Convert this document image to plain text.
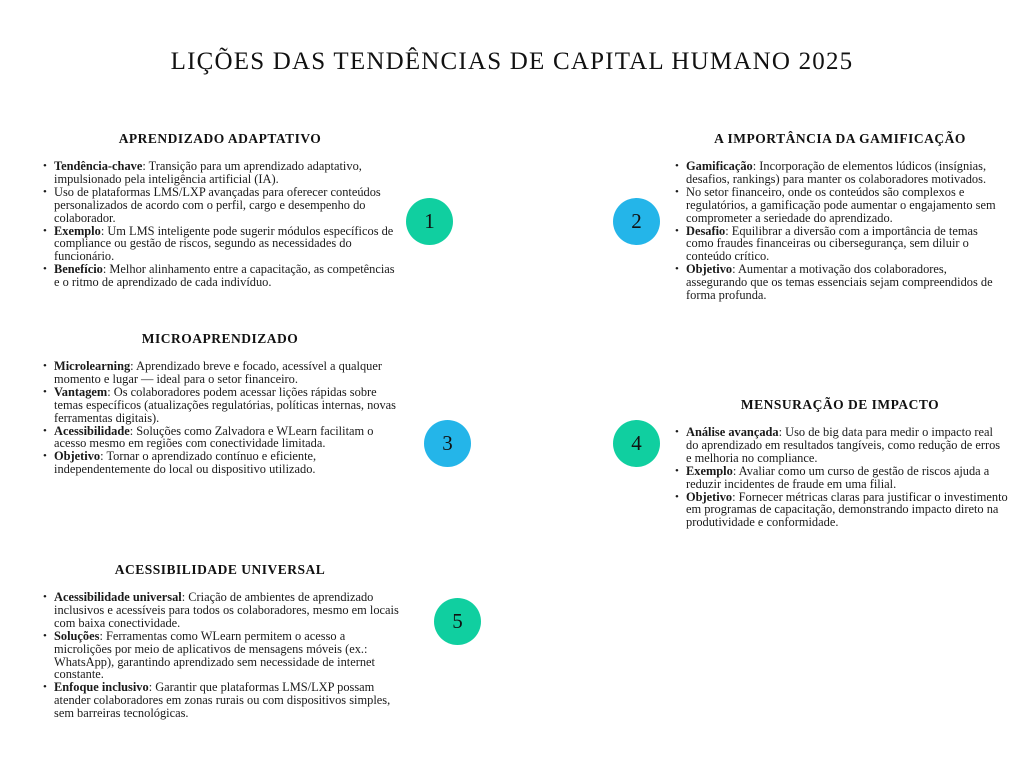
LIÇÕES DAS TENDÊNCIAS DE CAPITAL HUMANO 2025
APRENDIZADO ADAPTATIVO
• Tendência-chave: Transição para um aprendizado adaptativo, impulsionado pela inteligência artificial (IA).
• Uso de plataformas LMS/LXP avançadas para oferecer conteúdos personalizados de acordo com o perfil, cargo e desempenho do colaborador.
• Exemplo: Um LMS inteligente pode sugerir módulos específicos de compliance ou gestão de riscos, segundo as necessidades do funcionário.
• Benefício: Melhor alinhamento entre a capacitação, as competências e o ritmo de aprendizado de cada indivíduo.
A IMPORTÂNCIA DA GAMIFICAÇÃO
• Gamificação: Incorporação de elementos lúdicos (insígnias, desafios, rankings) para manter os colaboradores motivados.
• No setor financeiro, onde os conteúdos são complexos e regulatórios, a gamificação pode aumentar o engajamento sem comprometer a seriedade do aprendizado.
• Desafio: Equilibrar a diversão com a importância de temas como fraudes financeiras ou cibersegurança, sem diluir o conteúdo crítico.
• Objetivo: Aumentar a motivação dos colaboradores, assegurando que os temas essenciais sejam compreendidos de forma profunda.
MICROAPRENDIZADO
• Microlearning: Aprendizado breve e focado, acessível a qualquer momento e lugar — ideal para o setor financeiro.
• Vantagem: Os colaboradores podem acessar lições rápidas sobre temas específicos (atualizações regulatórias, políticas internas, novas ferramentas digitais).
• Acessibilidade: Soluções como Zalvadora e WLearn facilitam o acesso mesmo em regiões com conectividade limitada.
• Objetivo: Tornar o aprendizado contínuo e eficiente, independentemente do local ou dispositivo utilizado.
MENSURAÇÃO DE IMPACTO
• Análise avançada: Uso de big data para medir o impacto real do aprendizado em resultados tangíveis, como redução de erros e melhoria no compliance.
• Exemplo: Avaliar como um curso de gestão de riscos ajuda a reduzir incidentes de fraude em uma filial.
• Objetivo: Fornecer métricas claras para justificar o investimento em programas de capacitação, demonstrando impacto direto na produtividade e conformidade.
ACESSIBILIDADE UNIVERSAL
• Acessibilidade universal: Criação de ambientes de aprendizado inclusivos e acessíveis para todos os colaboradores, mesmo em locais com baixa conectividade.
• Soluções: Ferramentas como WLearn permitem o acesso a microlições por meio de aplicativos de mensagens móveis (ex.: WhatsApp), garantindo aprendizado sem necessidade de internet constante.
• Enfoque inclusivo: Garantir que plataformas LMS/LXP possam atender colaboradores em zonas rurais ou com dispositivos simples, sem barreiras tecnológicas.
1	2
3	4
5
